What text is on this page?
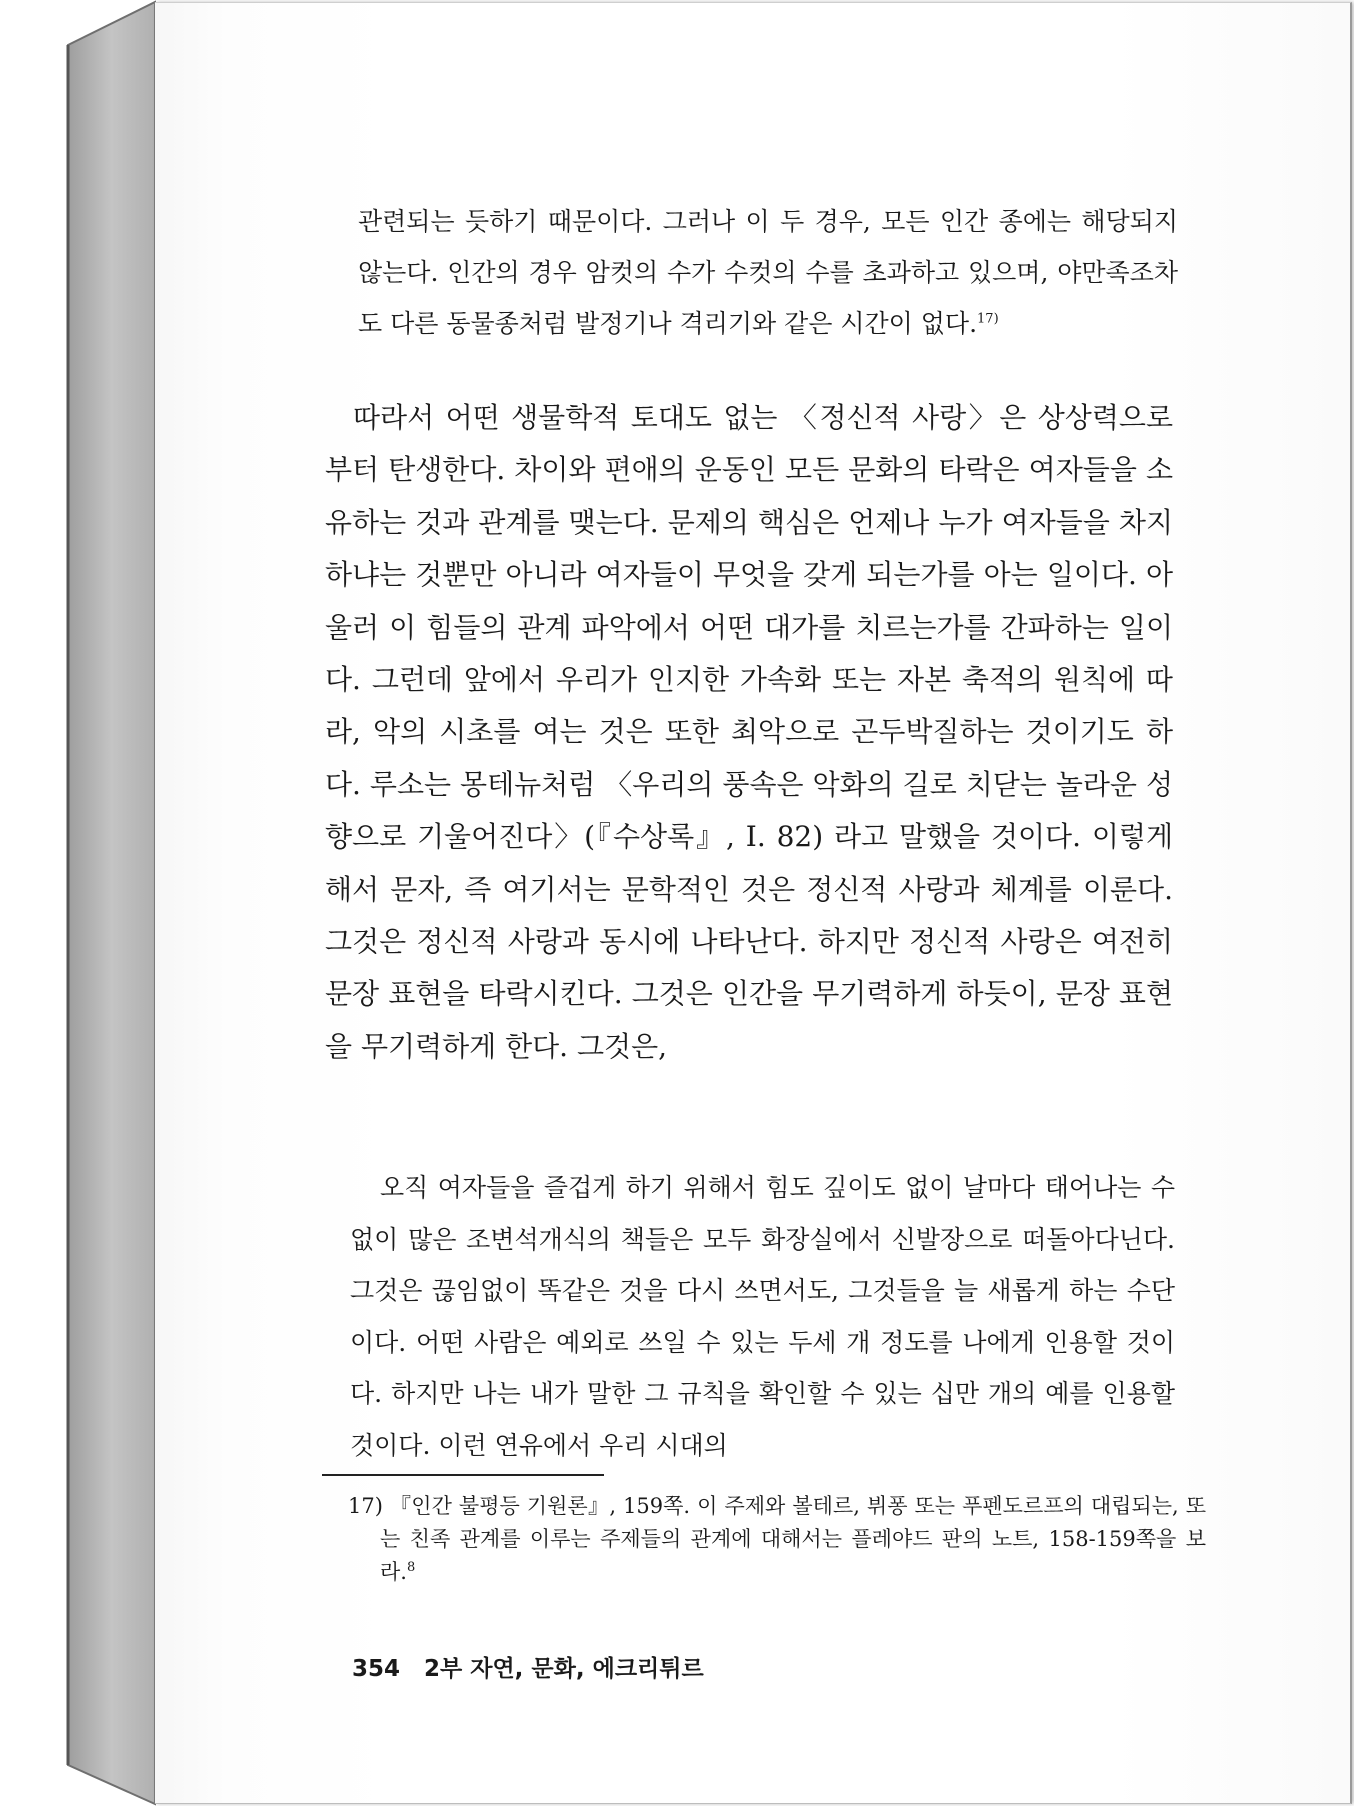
관련되는 듯하기 때문이다. 그러나 이 두 경우, 모든 인간 종에는 해당되지 않는다. 인간의 경우 암컷의 수가 수컷의 수를 초과하고 있으며, 야만족조차도 다른 동물종처럼 발정기나 격리기와 같은 시간이 없다.$^{17)}$

따라서 어떤 생물학적 토대도 없는 〈정신적 사랑〉은 상상력으로부터 탄생한다. 차이와 편애의 운동인 모든 문화의 타락은 여자들을 소유하는 것과 관계를 맺는다. 문제의 핵심은 언제나 누가 여자들을 차지하냐는 것뿐만 아니라 여자들이 무엇을 갖게 되는가를 아는 일이다. 아울러 이 힘들의 관계 파악에서 어떤 대가를 치르는가를 간파하는 일이다. 그런데 앞에서 우리가 인지한 가속화 또는 자본 축적의 원칙에 따라, 악의 시초를 여는 것은 또한 최악으로 곤두박질하는 것이기도 하다. 루소는 몽테뉴처럼 〈우리의 풍속은 악화의 길로 치닫는 놀라운 성향으로 기울어진다〉(『수상록』, I. 82) 라고 말했을 것이다. 이렇게 해서 문자, 즉 여기서는 문학적인 것은 정신적 사랑과 체계를 이룬다. 그것은 정신적 사랑과 동시에 나타난다. 하지만 정신적 사랑은 여전히 문장 표현을 타락시킨다. 그것은 인간을 무기력하게 하듯이, 문장 표현을 무기력하게 한다. 그것은,

오직 여자들을 즐겁게 하기 위해서 힘도 깊이도 없이 날마다 태어나는 수없이 많은 조변석개식의 책들은 모두 화장실에서 신발장으로 떠돌아다닌다. 그것은 끊임없이 똑같은 것을 다시 쓰면서도, 그것들을 늘 새롭게 하는 수단이다. 어떤 사람은 예외로 쓰일 수 있는 두세 개 정도를 나에게 인용할 것이다. 하지만 나는 내가 말한 그 규칙을 확인할 수 있는 십만 개의 예를 인용할 것이다. 이런 연유에서 우리 시대의

17) 『인간 불평등 기원론』, 159쪽. 이 주제와 볼테르, 뷔퐁 또는 푸펜도르프의 대립되는, 또는 친족 관계를 이루는 주제들의 관계에 대해서는 플레야드 판의 노트, 158-159쪽을 보라.$^8$

354 2부 자연, 문화, 에크리튀르
